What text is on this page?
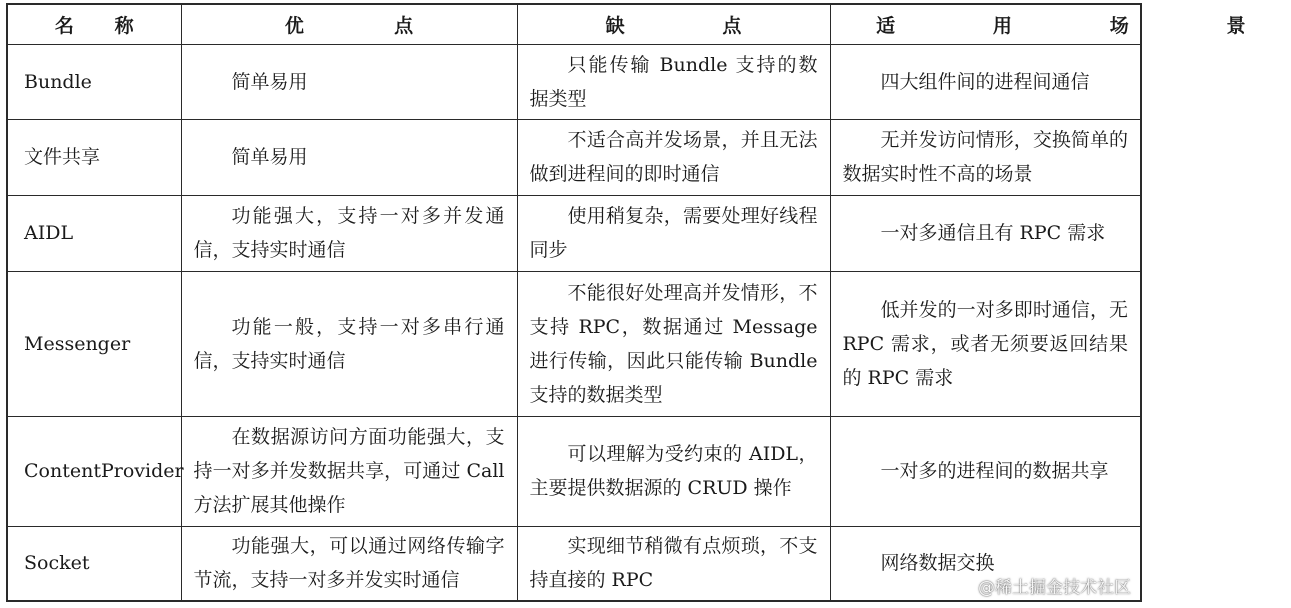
名 称	优 点	缺 点	适 用 场 景
Bundle	简单易用	只能传输 Bundle 支持的数据类型	四大组件间的进程间通信
文件共享	简单易用	不适合高并发场景，并且无法做到进程间的即时通信	无并发访问情形，交换简单的数据实时性不高的场景
AIDL	功能强大，支持一对多并发通信，支持实时通信	使用稍复杂，需要处理好线程同步	一对多通信且有 RPC 需求
Messenger	功能一般，支持一对多串行通信，支持实时通信	不能很好处理高并发情形，不支持 RPC，数据通过 Message 进行传输，因此只能传输 Bundle 支持的数据类型	低并发的一对多即时通信，无 RPC 需求，或者无须要返回结果的 RPC 需求
ContentProvider	在数据源访问方面功能强大，支持一对多并发数据共享，可通过 Call 方法扩展其他操作	可以理解为受约束的 AIDL，主要提供数据源的 CRUD 操作	一对多的进程间的数据共享
Socket	功能强大，可以通过网络传输字节流，支持一对多并发实时通信	实现细节稍微有点烦琐，不支持直接的 RPC	网络数据交换
@稀土掘金技术社区
